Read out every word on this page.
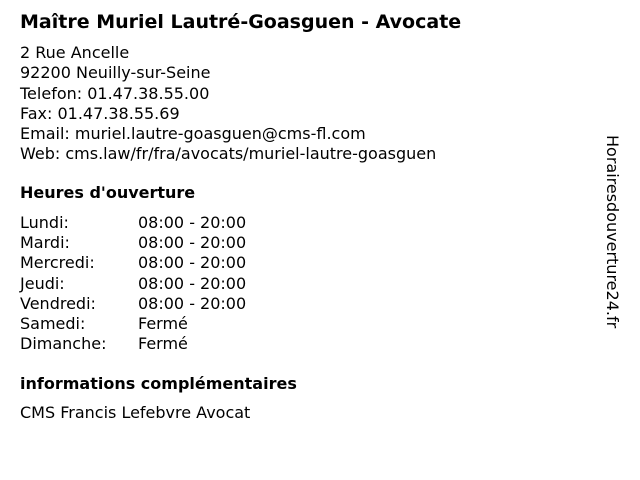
Maître Muriel Lautré-Goasguen - Avocate
2 Rue Ancelle
92200 Neuilly-sur-Seine
Telefon: 01.47.38.55.00
Fax: 01.47.38.55.69
Email: muriel.lautre-goasguen@cms-fl.com
Web: cms.law/fr/fra/avocats/muriel-lautre-goasguen
Heures d'ouverture
Lundi:	08:00 - 20:00
Mardi:	08:00 - 20:00
Mercredi:	08:00 - 20:00
Jeudi:	08:00 - 20:00
Vendredi:	08:00 - 20:00
Samedi:	Fermé
Dimanche:	Fermé
informations complémentaires
CMS Francis Lefebvre Avocat
Horairesdouverture24.fr
